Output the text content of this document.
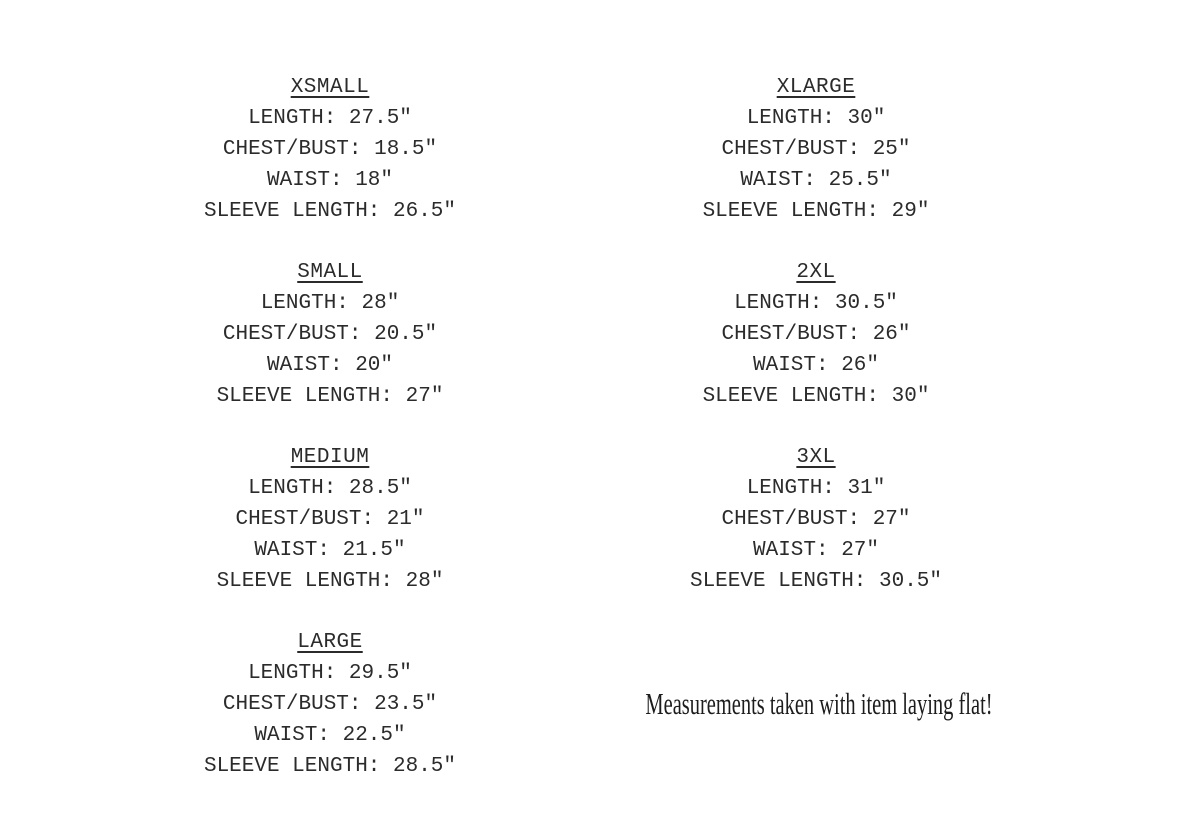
XSMALL
LENGTH: 27.5"
CHEST/BUST: 18.5"
WAIST: 18"
SLEEVE LENGTH: 26.5"
SMALL
LENGTH: 28"
CHEST/BUST: 20.5"
WAIST: 20"
SLEEVE LENGTH: 27"
MEDIUM
LENGTH: 28.5"
CHEST/BUST: 21"
WAIST: 21.5"
SLEEVE LENGTH: 28"
LARGE
LENGTH: 29.5"
CHEST/BUST: 23.5"
WAIST: 22.5"
SLEEVE LENGTH: 28.5"
XLARGE
LENGTH: 30"
CHEST/BUST: 25"
WAIST: 25.5"
SLEEVE LENGTH: 29"
2XL
LENGTH: 30.5"
CHEST/BUST: 26"
WAIST: 26"
SLEEVE LENGTH: 30"
3XL
LENGTH: 31"
CHEST/BUST: 27"
WAIST: 27"
SLEEVE LENGTH: 30.5"
Measurements taken with item laying flat!
